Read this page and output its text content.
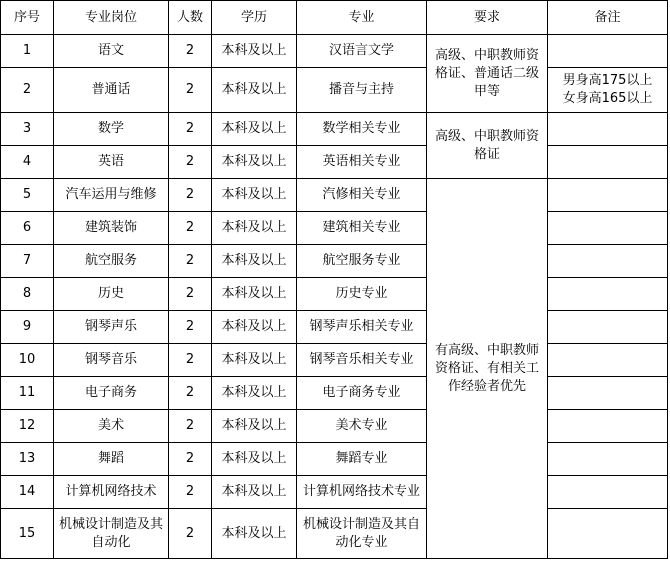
序号	专业岗位	人数	学历	专业	要求	备注
1	语文	2	本科及以上	汉语言文学	高级、中职教师资格证、普通话二级甲等	
2	普通话	2	本科及以上	播音与主持		男身高175以上
女身高165以上

3	数学	2	本科及以上	数学相关专业	高级、中职教师资格证	
4	英语	2	本科及以上	英语相关专业		
5	汽车运用与维修	2	本科及以上	汽修相关专业	有高级、中职教师资格证、有相关工作经验者优先	
6	建筑装饰	2	本科及以上	建筑相关专业		
7	航空服务	2	本科及以上	航空服务专业		
8	历史	2	本科及以上	历史专业		
9	钢琴声乐	2	本科及以上	钢琴声乐相关专业		
10	钢琴音乐	2	本科及以上	钢琴音乐相关专业		
11	电子商务	2	本科及以上	电子商务专业		
12	美术	2	本科及以上	美术专业		
13	舞蹈	2	本科及以上	舞蹈专业		
14	计算机网络技术	2	本科及以上	计算机网络技术专业		
15	机械设计制造及其自动化	2	本科及以上	机械设计制造及其自动化专业		
